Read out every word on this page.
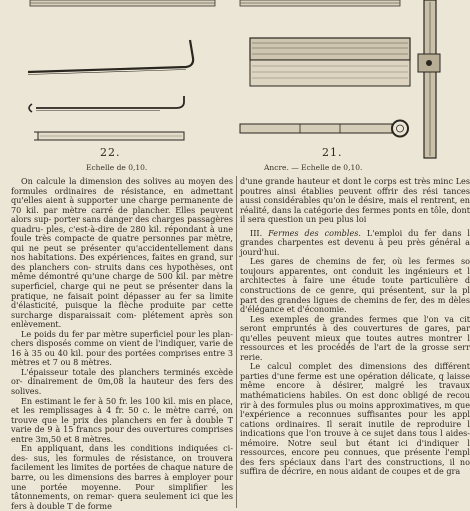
22.
Echelle de 0,10.
21.
Ancre. — Echelle de 0,10.

On calcule la dimension des solives au moyen des formules ordinaires de résistance, en admettant qu'elles aient à supporter une charge permanente de 70 kil. par mètre carré de plancher. Elles peuvent alors sup- porter sans danger des charges passagères quadru- ples, c'est-à-dire de 280 kil. répondant à une foule très compacte de quatre personnes par mètre, qui ne peut se présenter qu'accidentellement dans nos habitations. Des expériences, faites en grand, sur des planchers con- struits dans ces hypothèses, ont même démontré qu'une charge de 500 kil. par mètre superficiel, charge qui ne peut se présenter dans la pratique, ne faisait point dépasser au fer sa limite d'élasticité, puisque la flèche produite par cette surcharge disparaissait com- plétement après son enlèvement.

Le poids du fer par mètre superficiel pour les plan- chers disposés comme on vient de l'indiquer, varie de 16 à 35 ou 40 kil. pour des portées comprises entre 3 mètres et 7 ou 8 mètres.

L'épaisseur totale des planchers terminés excède or- dinairement de 0m,08 la hauteur des fers des solives.

En estimant le fer à 50 fr. les 100 kil. mis en place, et les remplissages à 4 fr. 50 c. le mètre carré, on trouve que le prix des planchers en fer à double T varie de 9 à 15 francs pour des ouvertures comprises entre 3m,50 et 8 mètres.

En appliquant, dans les conditions indiquées ci-des- sus, les formules de résistance, on trouvera facilement les limites de portées de chaque nature de barre, ou les dimensions des barres à employer pour une portée moyenne. Pour simplifier les tâtonnements, on remar- quera seulement ici que les fers à double T de forme

d'une grande hauteur et dont le corps est très minc Les poutres ainsi établies peuvent offrir des rési tances aussi considérables qu'on le désire, mais el rentrent, en réalité, dans la catégorie des fermes ponts en tôle, dont il sera question un peu plus loi

III. Fermes des combles. L'emploi du fer dans l grandes charpentes est devenu à peu près général a jourd'hui.

Les gares de chemins de fer, où les fermes so toujours apparentes, ont conduit les ingénieurs et l architectes à faire une étude toute particulière d constructions de ce genre, qui présentent, sur la pl part des grandes ligues de chemins de fer, des m dèles d'élégance et d'économie.

Les exemples de grandes fermes que l'on va cit seront empruntés à des couvertures de gares, par qu'elles peuvent mieux que toutes autres montrer l ressources et les procédés de l'art de la grosse serr rerie.

Le calcul complet des dimensions des différent parties d'une ferme est une opération délicate, q laisse même encore à désirer, malgré les travaux mathématiciens habiles. On est donc obligé de recou rir à des formules plus ou moins approximatives, m que l'expérience a reconnues suffisantes pour les appl cations ordinaires. Il serait inutile de reproduire l indications que l'on trouve à ce sujet dans tous l aides-mémoire. Notre seul but étant ici d'indiquer l ressources, encore peu connues, que présente l'empl des fers spéciaux dans l'art des constructions, il no suffira de décrire, en nous aidant de coupes et de gra
